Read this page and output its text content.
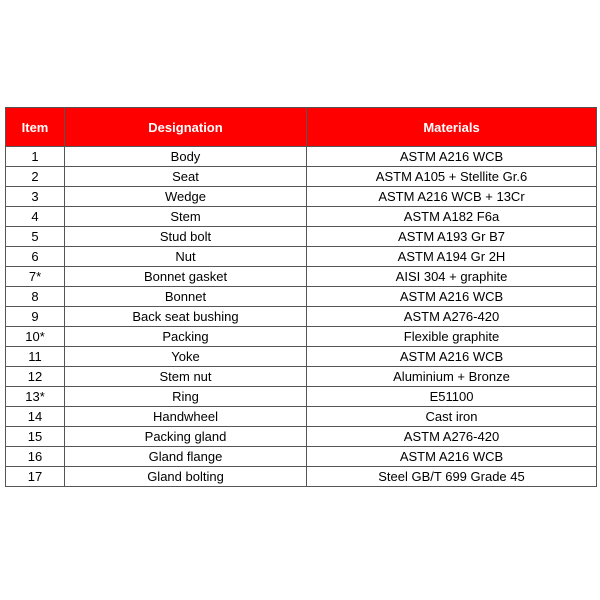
Item	Designation	Materials
1	Body	ASTM A216 WCB
2	Seat	ASTM A105 + Stellite Gr.6
3	Wedge	ASTM A216 WCB + 13Cr
4	Stem	ASTM A182 F6a
5	Stud bolt	ASTM A193 Gr B7
6	Nut	ASTM A194 Gr 2H
7*	Bonnet gasket	AISI 304 + graphite
8	Bonnet	ASTM A216 WCB
9	Back seat bushing	ASTM A276-420
10*	Packing	Flexible graphite
11	Yoke	ASTM A216 WCB
12	Stem nut	Aluminium + Bronze
13*	Ring	E51100
14	Handwheel	Cast iron
15	Packing gland	ASTM A276-420
16	Gland flange	ASTM A216 WCB
17	Gland bolting	Steel GB/T 699 Grade 45
